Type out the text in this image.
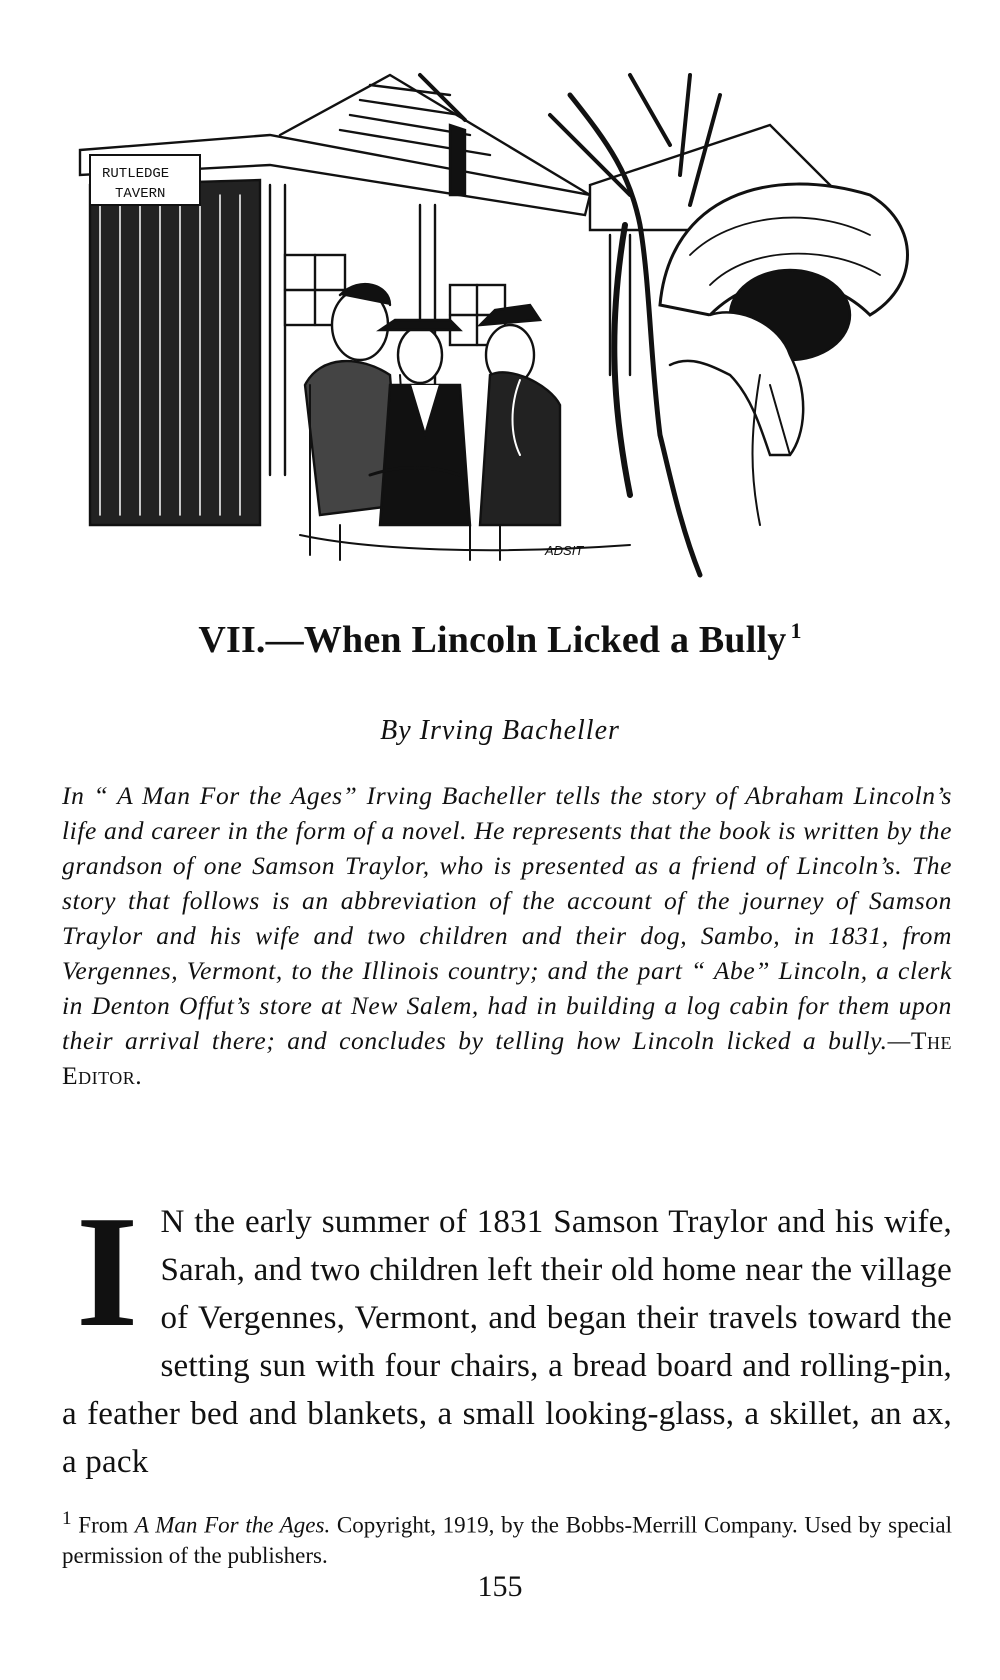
RUTLEDGE
TAVERN
ADSIT
VII.—When Lincoln Licked a Bully $^1$
By Irving Bacheller
In “ A Man For the Ages” Irving Bacheller tells the story of Abraham Lincoln’s life and career in the form of a novel. He represents that the book is written by the grandson of one Samson Traylor, who is presented as a friend of Lincoln’s. The story that follows is an abbreviation of the account of the journey of Samson Traylor and his wife and two children and their dog, Sambo, in 1831, from Vergennes, Vermont, to the Illinois country; and the part “ Abe” Lincoln, a clerk in Denton Offut’s store at New Salem, had in building a log cabin for them upon their arrival there; and concludes by telling how Lincoln licked a bully.—The Editor.
I N the early summer of 1831 Samson Traylor and his wife, Sarah, and two children left their old home near the village of Vergennes, Vermont, and began their travels toward the setting sun with four chairs, a bread board and rolling-pin, a feather bed and blankets, a small looking-glass, a skillet, an ax, a pack
$^1$ From A Man For the Ages. Copyright, 1919, by the Bobbs-Merrill Company. Used by special permission of the publishers.
155
